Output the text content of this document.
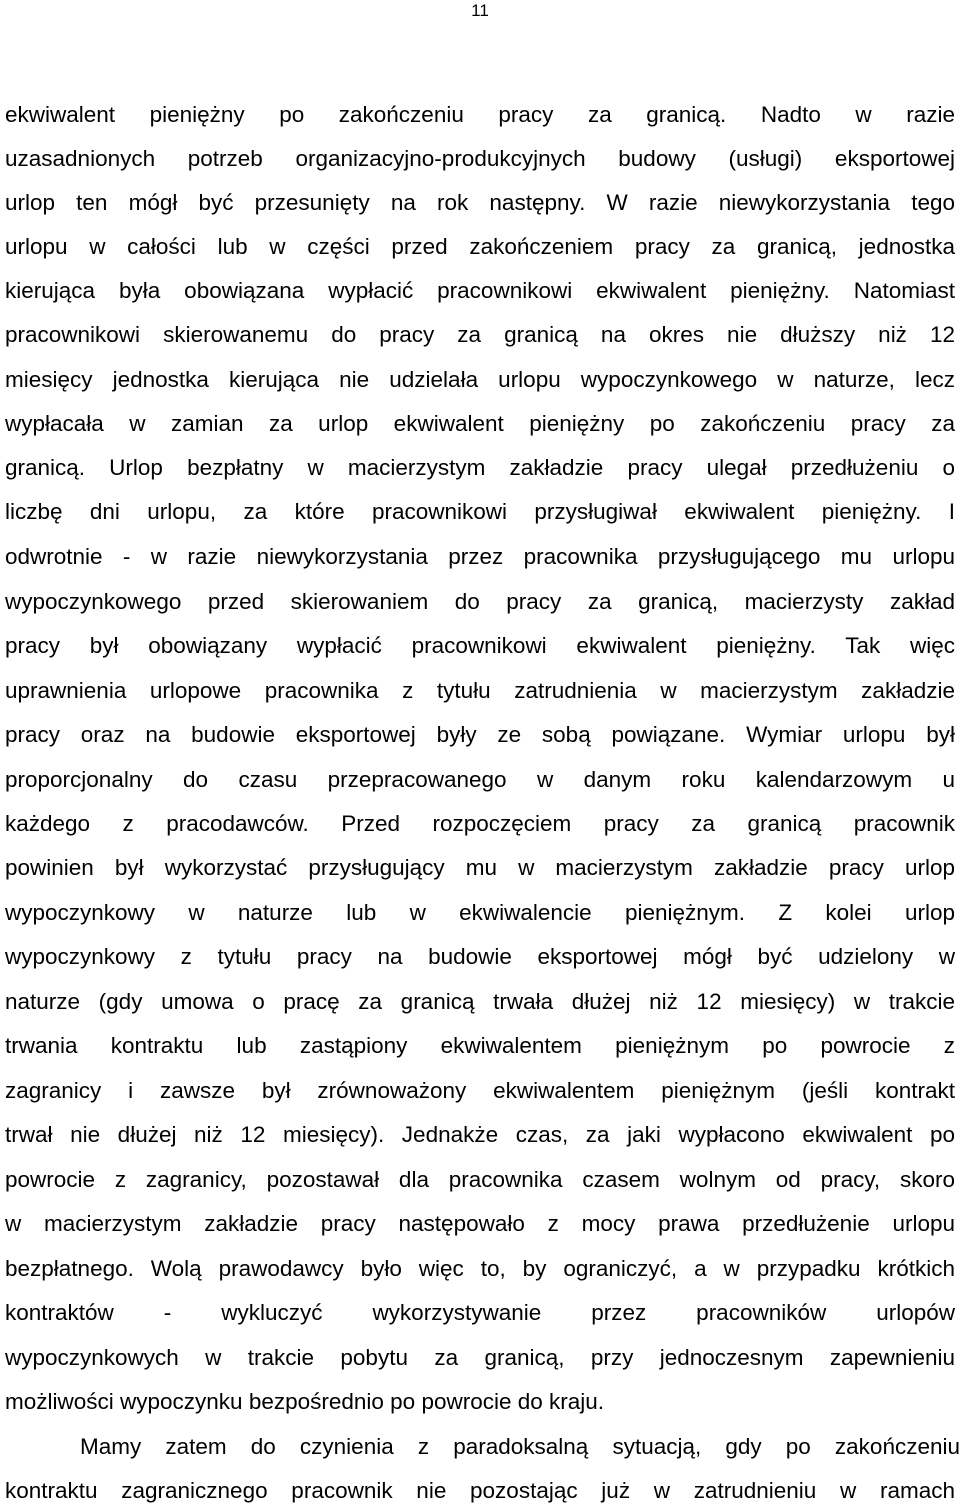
11
ekwiwalent pieniężny po zakończeniu pracy za granicą. Nadto w razie
uzasadnionych potrzeb organizacyjno-produkcyjnych budowy (usługi) eksportowej
urlop ten mógł być przesunięty na rok następny. W razie niewykorzystania tego
urlopu w całości lub w części przed zakończeniem pracy za granicą, jednostka
kierująca była obowiązana wypłacić pracownikowi ekwiwalent pieniężny. Natomiast
pracownikowi skierowanemu do pracy za granicą na okres nie dłuższy niż 12
miesięcy jednostka kierująca nie udzielała urlopu wypoczynkowego w naturze, lecz
wypłacała w zamian za urlop ekwiwalent pieniężny po zakończeniu pracy za
granicą. Urlop bezpłatny w macierzystym zakładzie pracy ulegał przedłużeniu o
liczbę dni urlopu, za które pracownikowi przysługiwał ekwiwalent pieniężny. I
odwrotnie - w razie niewykorzystania przez pracownika przysługującego mu urlopu
wypoczynkowego przed skierowaniem do pracy za granicą, macierzysty zakład
pracy był obowiązany wypłacić pracownikowi ekwiwalent pieniężny. Tak więc
uprawnienia urlopowe pracownika z tytułu zatrudnienia w macierzystym zakładzie
pracy oraz na budowie eksportowej były ze sobą powiązane. Wymiar urlopu był
proporcjonalny do czasu przepracowanego w danym roku kalendarzowym u
każdego z pracodawców. Przed rozpoczęciem pracy za granicą pracownik
powinien był wykorzystać przysługujący mu w macierzystym zakładzie pracy urlop
wypoczynkowy w naturze lub w ekwiwalencie pieniężnym. Z kolei urlop
wypoczynkowy z tytułu pracy na budowie eksportowej mógł być udzielony w
naturze (gdy umowa o pracę za granicą trwała dłużej niż 12 miesięcy) w trakcie
trwania kontraktu lub zastąpiony ekwiwalentem pieniężnym po powrocie z
zagranicy i zawsze był zrównoważony ekwiwalentem pieniężnym (jeśli kontrakt
trwał nie dłużej niż 12 miesięcy). Jednakże czas, za jaki wypłacono ekwiwalent po
powrocie z zagranicy, pozostawał dla pracownika czasem wolnym od pracy, skoro
w macierzystym zakładzie pracy następowało z mocy prawa przedłużenie urlopu
bezpłatnego. Wolą prawodawcy było więc to, by ograniczyć, a w przypadku krótkich
kontraktów - wykluczyć wykorzystywanie przez pracowników urlopów
wypoczynkowych w trakcie pobytu za granicą, przy jednoczesnym zapewnieniu
możliwości wypoczynku bezpośrednio po powrocie do kraju.
Mamy zatem do czynienia z paradoksalną sytuacją, gdy po zakończeniu
kontraktu zagranicznego pracownik nie pozostając już w zatrudnieniu w ramach
